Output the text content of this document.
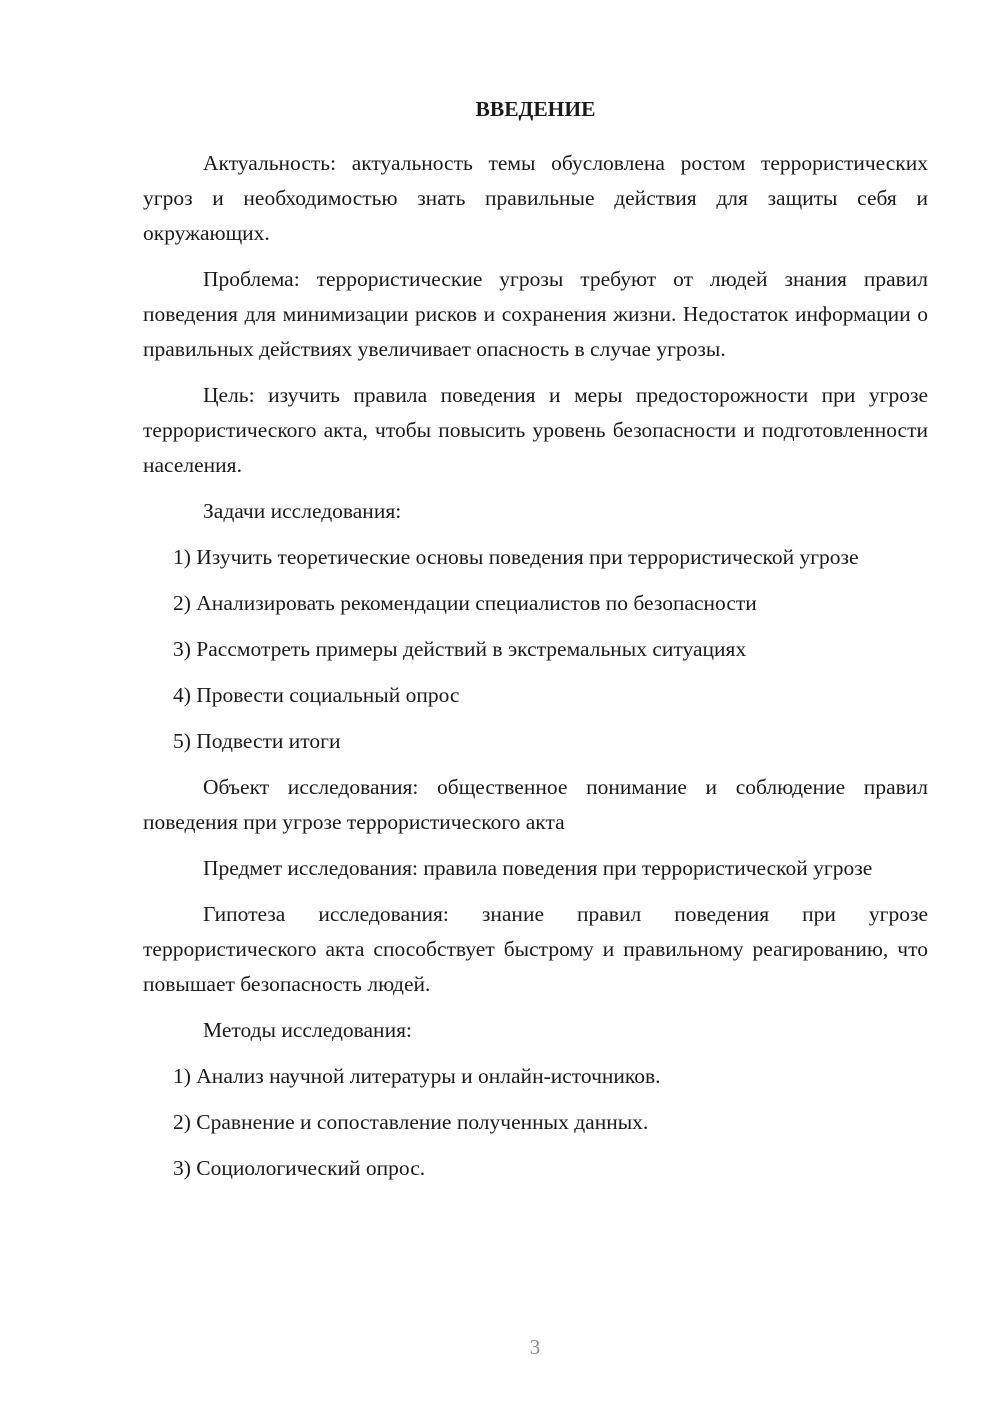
ВВЕДЕНИЕ

Актуальность: актуальность темы обусловлена ростом террористических угроз и необходимостью знать правильные действия для защиты себя и окружающих.

Проблема: террористические угрозы требуют от людей знания правил поведения для минимизации рисков и сохранения жизни. Недостаток информации о правильных действиях увеличивает опасность в случае угрозы.

Цель: изучить правила поведения и меры предосторожности при угрозе террористического акта, чтобы повысить уровень безопасности и подготовленности населения.

Задачи исследования:

1) Изучить теоретические основы поведения при террористической угрозе

2) Анализировать рекомендации специалистов по безопасности

3) Рассмотреть примеры действий в экстремальных ситуациях

4) Провести социальный опрос

5) Подвести итоги

Объект исследования: общественное понимание и соблюдение правил поведения при угрозе террористического акта

Предмет исследования: правила поведения при террористической угрозе

Гипотеза исследования: знание правил поведения при угрозе террористического акта способствует быстрому и правильному реагированию, что повышает безопасность людей.

Методы исследования:

1) Анализ научной литературы и онлайн-источников.

2) Сравнение и сопоставление полученных данных.

3) Социологический опрос.

3
